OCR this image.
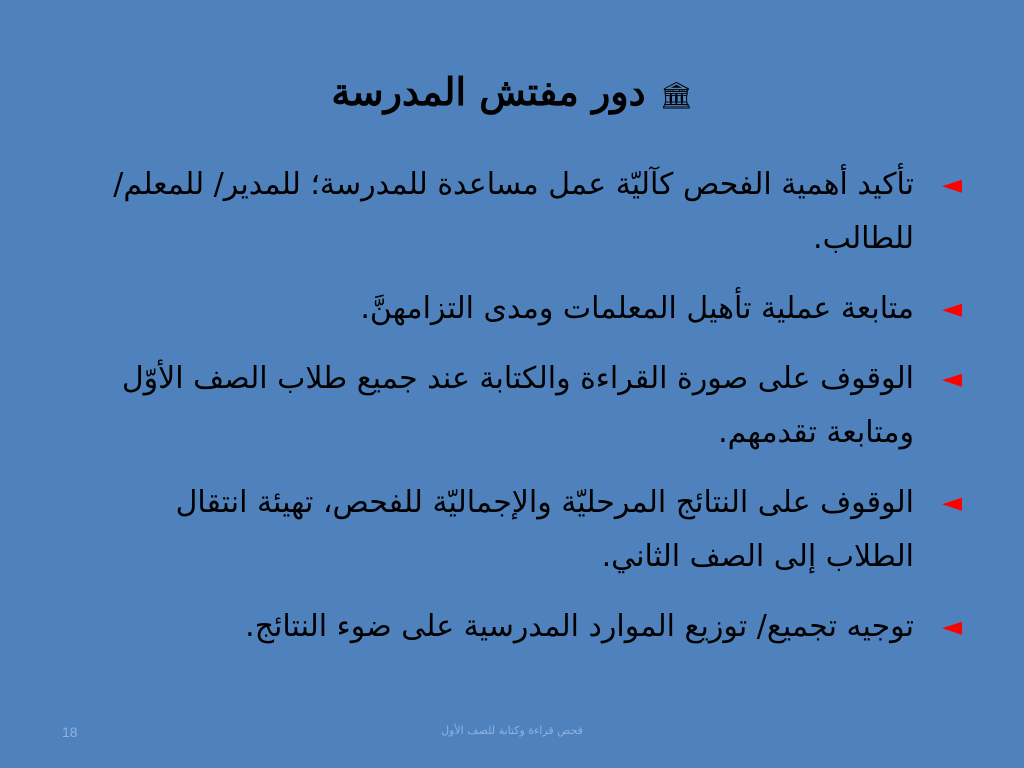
🏛دور مفتش المدرسة
◄
تأكيد أهمية الفحص كآليّة عمل مساعدة للمدرسة؛ للمدير/ للمعلم/ للطالب.
◄
متابعة عملية تأهيل المعلمات ومدى التزامهنَّ.
◄
الوقوف على صورة القراءة والكتابة عند جميع طلاب الصف الأوّل ومتابعة تقدمهم.
◄
الوقوف على النتائج المرحليّة والإجماليّة للفحص، تهيئة انتقال الطلاب إلى الصف الثاني.
◄
توجيه تجميع/ توزيع الموارد المدرسية على ضوء النتائج.
18	فحص قراءة وكتابة للصف الأول
